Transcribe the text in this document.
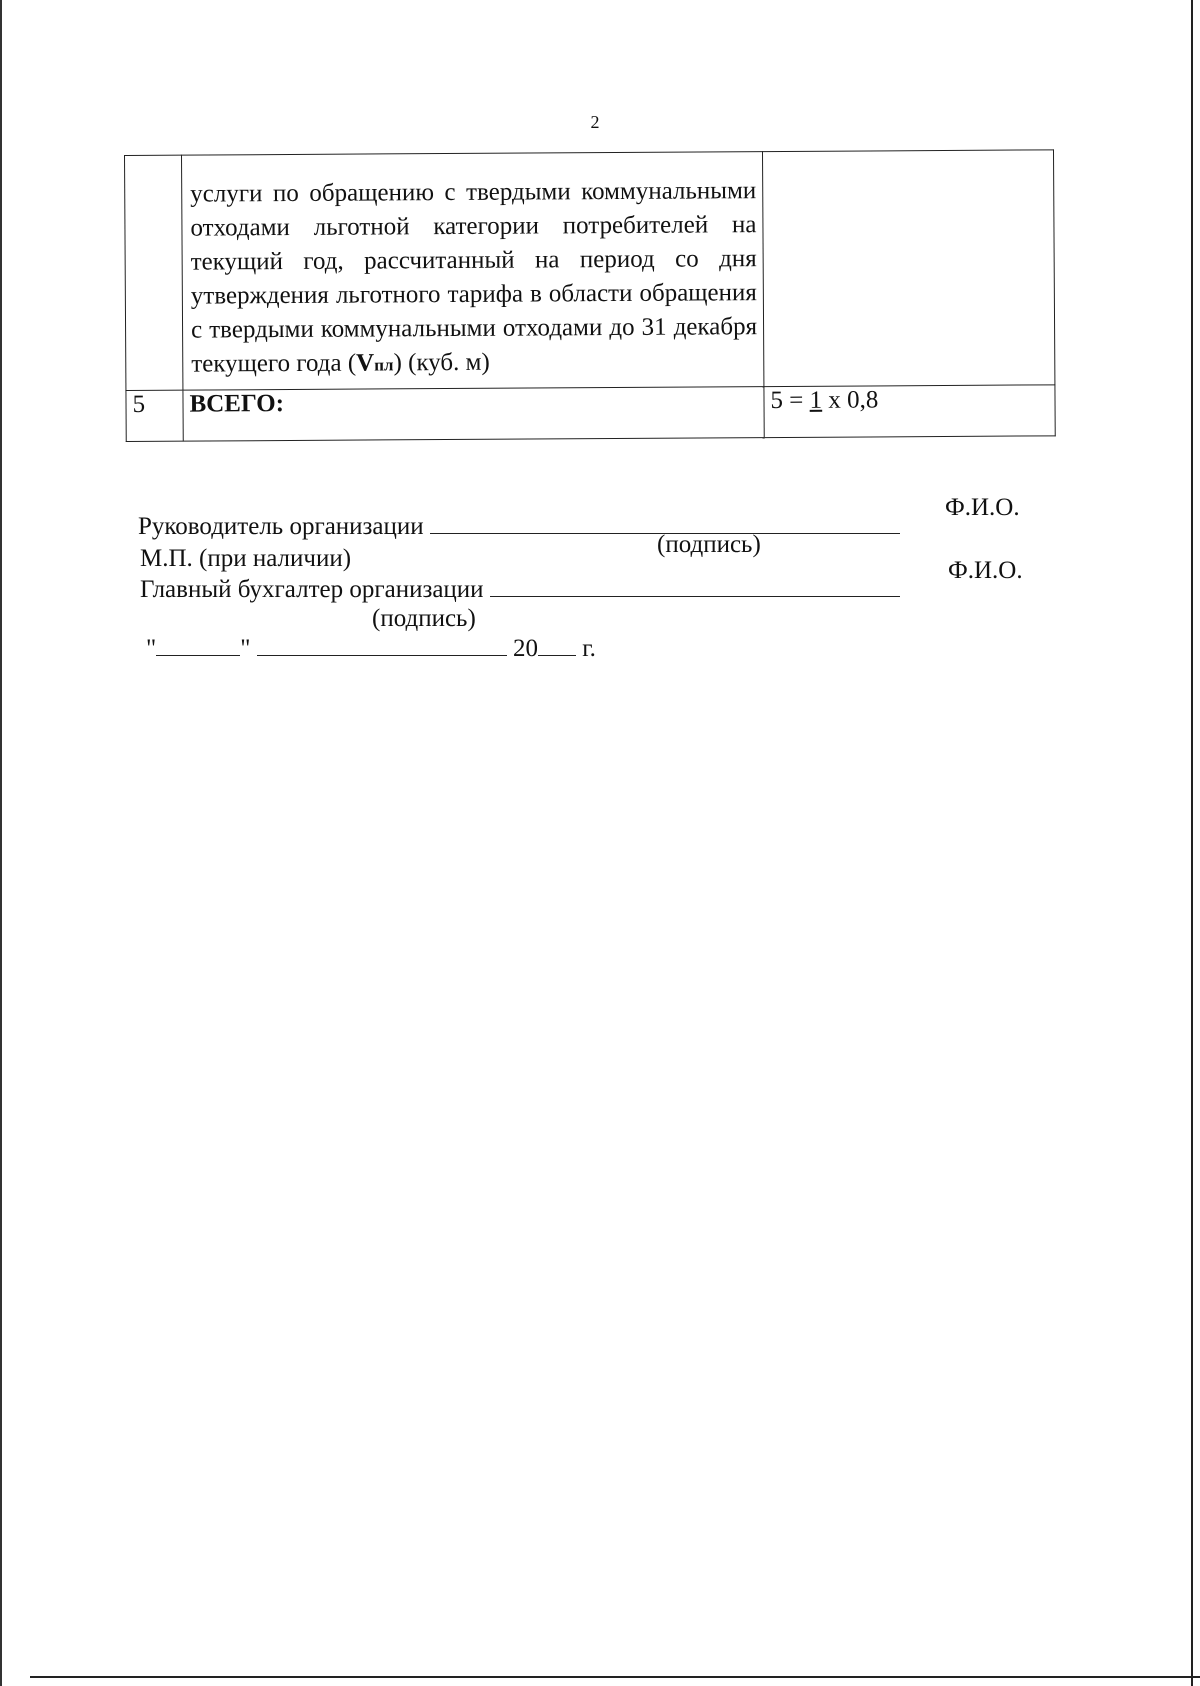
2

	услуги по обращению с твердыми коммунальными отходами льготной категории потребителей на текущий год, рассчитанный на период со дня утверждения льготного тарифа в области обращения с твердыми коммунальными отходами до 31 декабря текущего года (Vпл) (куб. м)	

5	ВСЕГО:	5 = 1 x 0,8
Руководитель организации
Ф.И.О.
(подпись)
М.П. (при наличии)
Главный бухгалтер организации
Ф.И.О.
(подпись)
"	"	20 г.
